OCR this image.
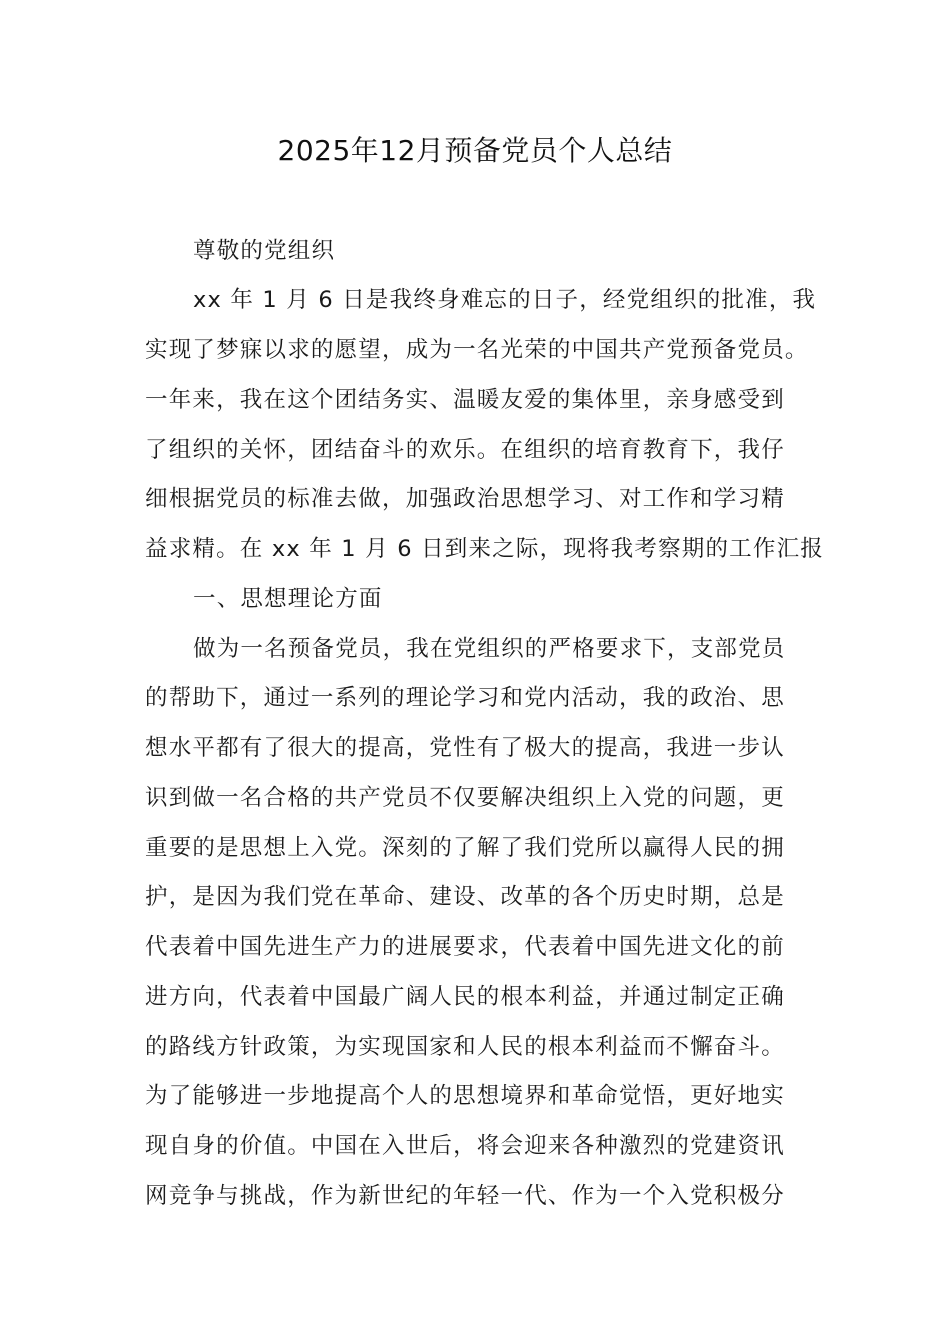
2025年12月预备党员个人总结
尊敬的党组织
xx 年 1 月 6 日是我终身难忘的日子，经党组织的批准，我
实现了梦寐以求的愿望，成为一名光荣的中国共产党预备党员。
一年来，我在这个团结务实、温暖友爱的集体里，亲身感受到
了组织的关怀，团结奋斗的欢乐。在组织的培育教育下，我仔
细根据党员的标准去做，加强政治思想学习、对工作和学习精
益求精。在 xx 年 1 月 6 日到来之际，现将我考察期的工作汇报
一、思想理论方面
做为一名预备党员，我在党组织的严格要求下，支部党员
的帮助下，通过一系列的理论学习和党内活动，我的政治、思
想水平都有了很大的提高，党性有了极大的提高，我进一步认
识到做一名合格的共产党员不仅要解决组织上入党的问题，更
重要的是思想上入党。深刻的了解了我们党所以赢得人民的拥
护，是因为我们党在革命、建设、改革的各个历史时期，总是
代表着中国先进生产力的进展要求，代表着中国先进文化的前
进方向，代表着中国最广阔人民的根本利益，并通过制定正确
的路线方针政策，为实现国家和人民的根本利益而不懈奋斗。
为了能够进一步地提高个人的思想境界和革命觉悟，更好地实
现自身的价值。中国在入世后，将会迎来各种激烈的党建资讯
网竞争与挑战，作为新世纪的年轻一代、作为一个入党积极分
